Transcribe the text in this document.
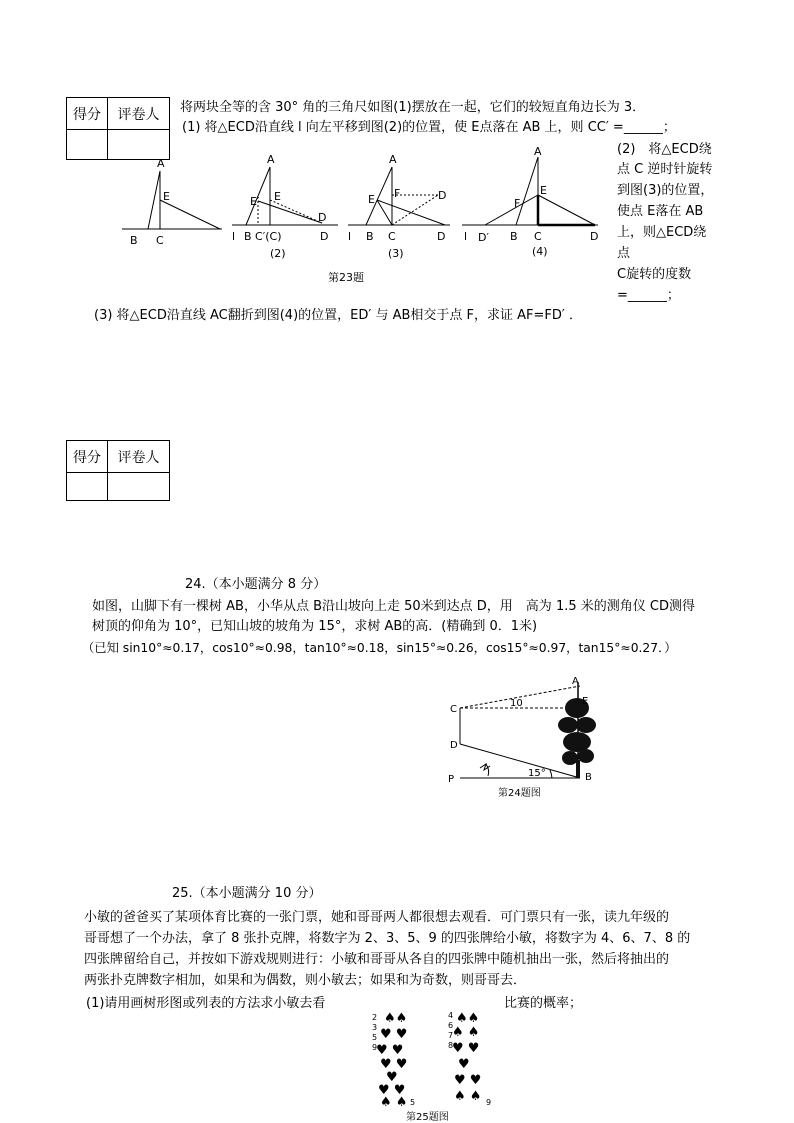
得分	评卷人
	将两块全等的含 30° 角的三角尺如图(1)摆放在一起，它们的较短直角边长为 3．
(1) 将△ECD沿直线 l 向左平移到图(2)的位置，使 E点落在 AB 上，则 CC′ =______；
(2)　将△ECD绕
点 C 逆时针旋转
到图(3)的位置，
使点 E落在 AB
上，则△ECD绕
点
C旋转的度数
=______；
A
E
B C
A
E′ E
D
l B C′(C)	D
(2)
A
E F	D
l B C	D
(3)
A
E
F
l D′ B C	D
(4)
第23题
(3) 将△ECD沿直线 AC翻折到图(4)的位置，ED′ 与 AB相交于点 F，求证 AF=FD′ ．
得分	评卷人

24.（本小题满分 8 分）
如图，山脚下有一棵树 AB，小华从点 B沿山坡向上走 50米到达点 D，用　高为 1.5 米的测角仪 CD测得
树顶的仰角为 10°，已知山坡的坡角为 15°，求树 AB的高．(精确到 0．1米)
（已知 sin10°≈0.17，cos10°≈0.98，tan10°≈0.18，sin15°≈0.26，cos15°≈0.97，tan15°≈0.27．）
A
E
C
D
P	B
10
15°
第24题图
25.（本小题满分 10 分）
小敏的爸爸买了某项体育比赛的一张门票，她和哥哥两人都很想去观看．可门票只有一张，读九年级的
哥哥想了一个办法，拿了 8 张扑克牌，将数字为 2、3、5、9 的四张牌给小敏，将数字为 4、6、7、8 的
四张牌留给自己，并按如下游戏规则进行：小敏和哥哥从各自的四张牌中随机抽出一张，然后将抽出的
两张扑克牌数字相加，如果和为偶数，则小敏去；如果和为奇数，则哥哥去．
(1)请用画树形图或列表的方法求小敏去看	比赛的概率；
2
3
5
9
4
6
7
8
5	9
♠♠
♥ ♥
♥ ♥
♥ ♥
♥
♥ ♥
♠ ♠
♠♠
♠ ♠
♥ ♥
♥
♥ ♥
♠ ♠
第25题图
